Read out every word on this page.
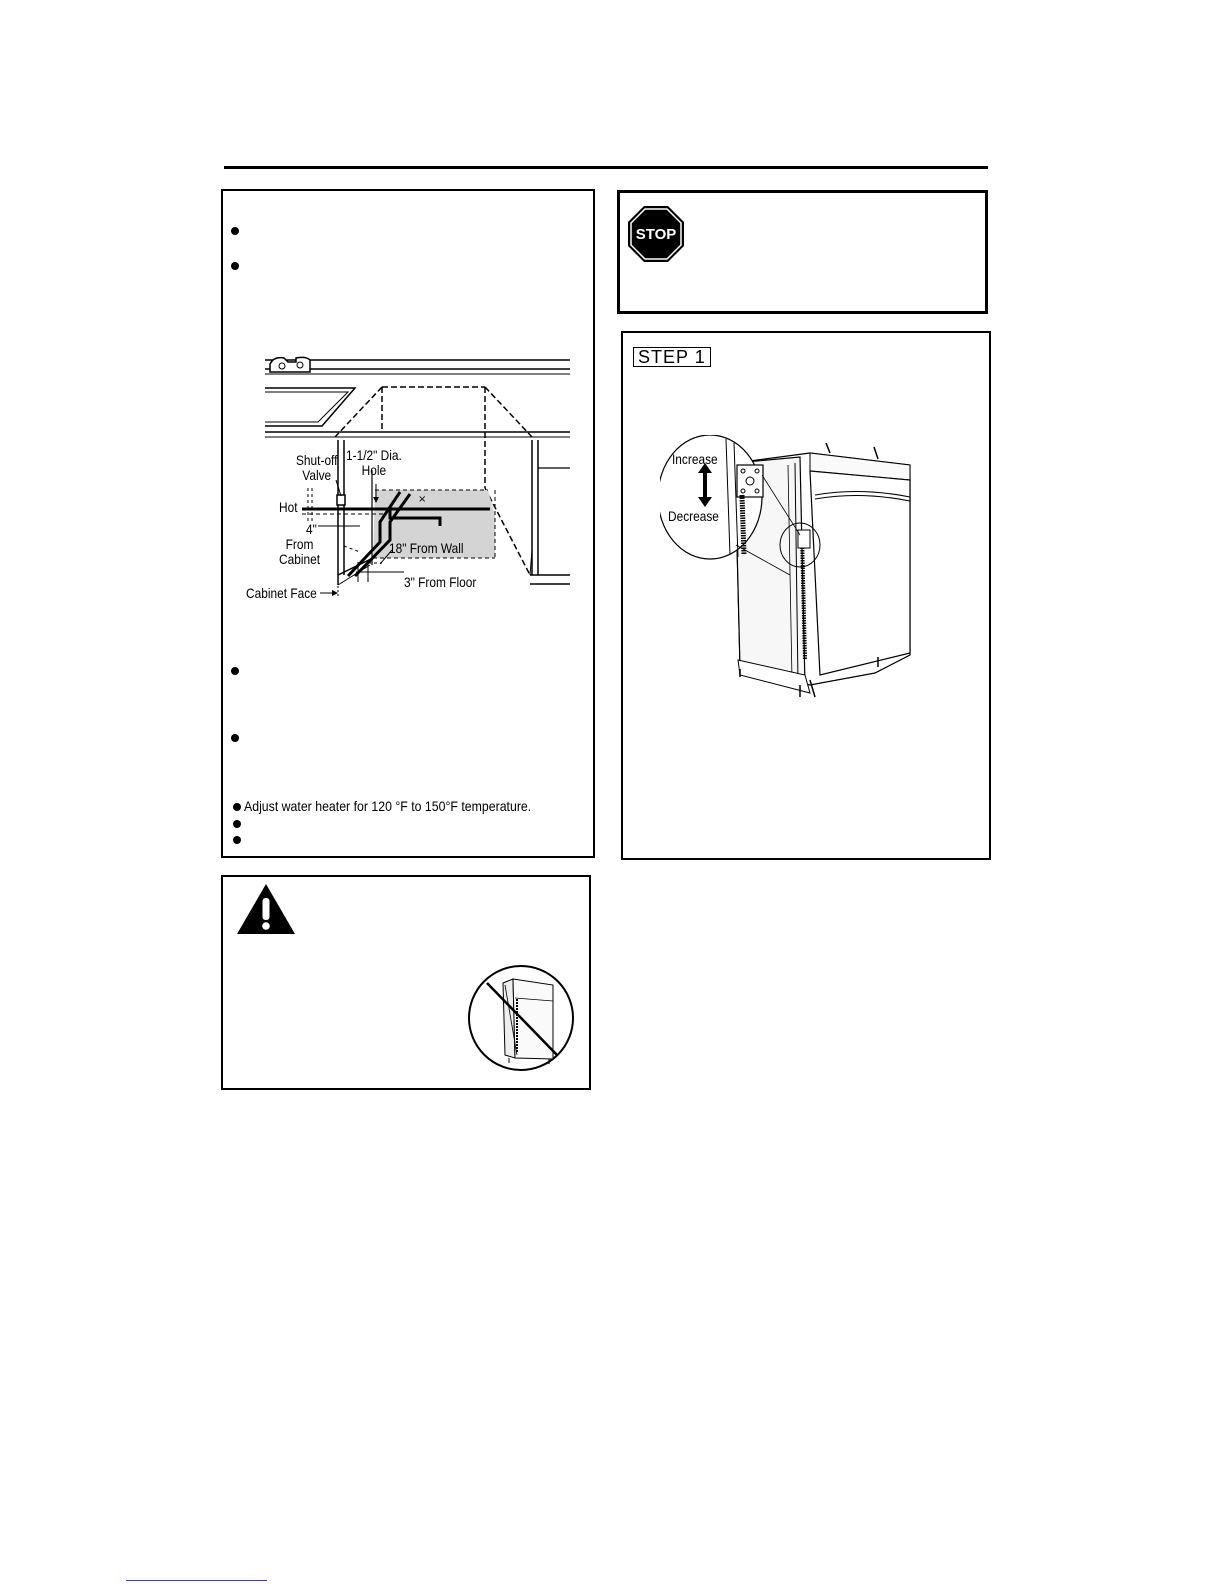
×
Shut-off
Valve
1-1/2" Dia.
Hole
Hot
4"
From
Cabinet
18" From Wall
3" From Floor
Cabinet Face
Adjust water heater for 120 °F to 150°F temperature.
STOP
STEP 1
Increase
Decrease
